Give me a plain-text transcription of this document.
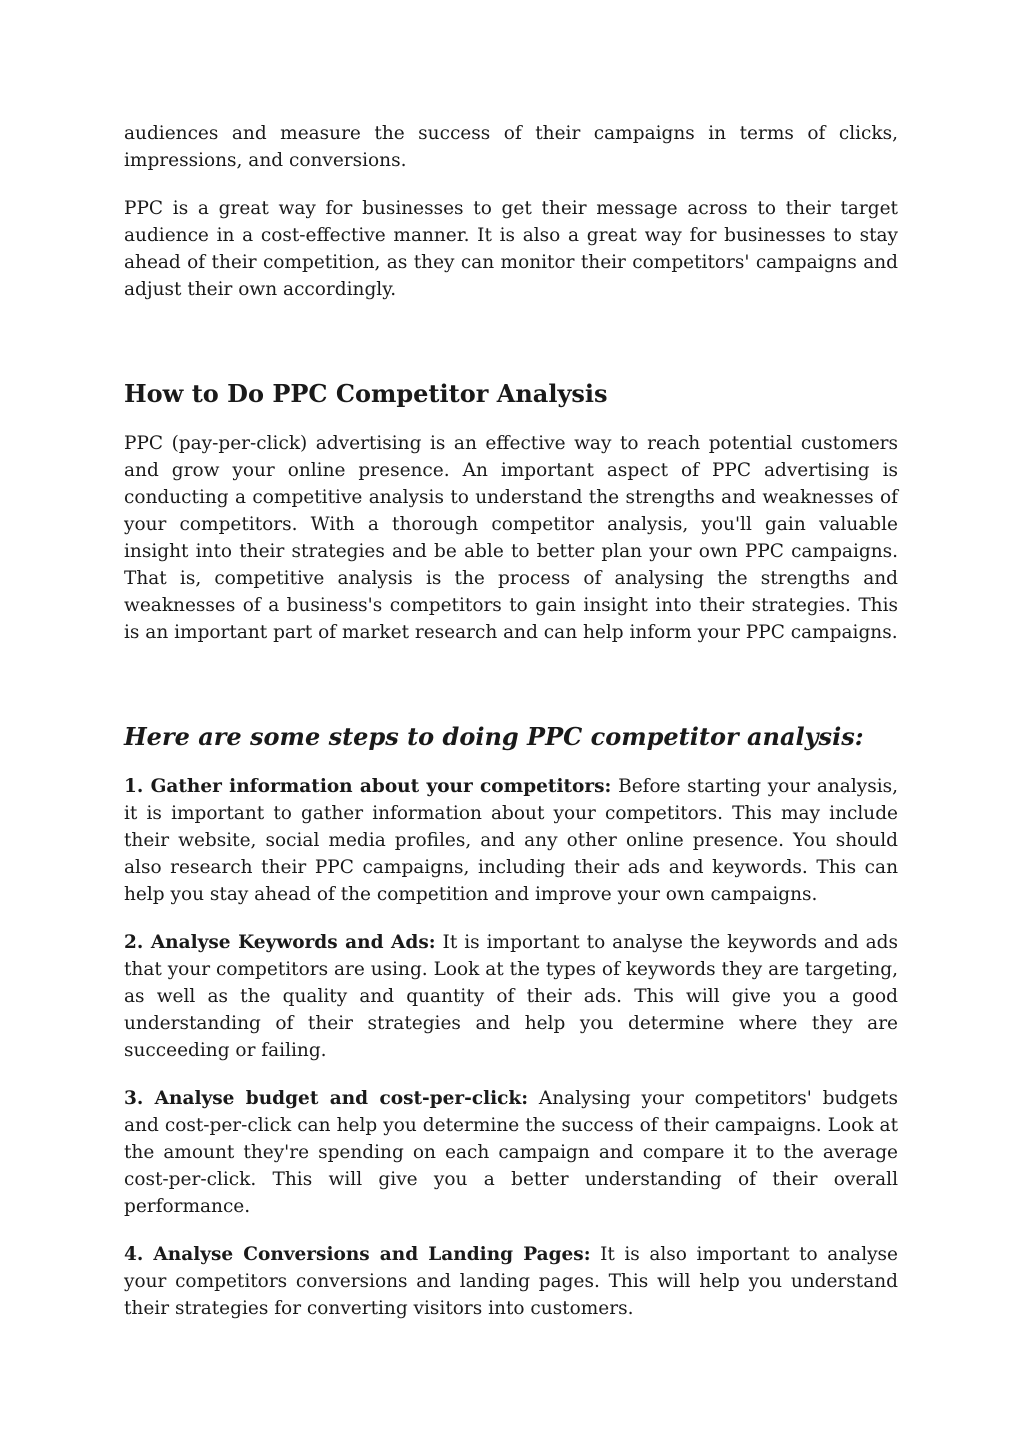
audiences and measure the success of their campaigns in terms of clicks, impressions, and conversions.

PPC is a great way for businesses to get their message across to their target audience in a cost-effective manner. It is also a great way for businesses to stay ahead of their competition, as they can monitor their competitors' campaigns and adjust their own accordingly.

How to Do PPC Competitor Analysis

PPC (pay-per-click) advertising is an effective way to reach potential customers and grow your online presence. An important aspect of PPC advertising is conducting a competitive analysis to understand the strengths and weaknesses of your competitors. With a thorough competitor analysis, you'll gain valuable insight into their strategies and be able to better plan your own PPC campaigns. That is, competitive analysis is the process of analysing the strengths and weaknesses of a business's competitors to gain insight into their strategies. This is an important part of market research and can help inform your PPC campaigns.

Here are some steps to doing PPC competitor analysis:

1. Gather information about your competitors: Before starting your analysis, it is important to gather information about your competitors. This may include their website, social media profiles, and any other online presence. You should also research their PPC campaigns, including their ads and keywords. This can help you stay ahead of the competition and improve your own campaigns.

2. Analyse Keywords and Ads: It is important to analyse the keywords and ads that your competitors are using. Look at the types of keywords they are targeting, as well as the quality and quantity of their ads. This will give you a good understanding of their strategies and help you determine where they are succeeding or failing.

3. Analyse budget and cost-per-click: Analysing your competitors' budgets and cost-per-click can help you determine the success of their campaigns. Look at the amount they're spending on each campaign and compare it to the average cost-per-click. This will give you a better understanding of their overall performance.

4. Analyse Conversions and Landing Pages: It is also important to analyse your competitors conversions and landing pages. This will help you understand their strategies for converting visitors into customers.
